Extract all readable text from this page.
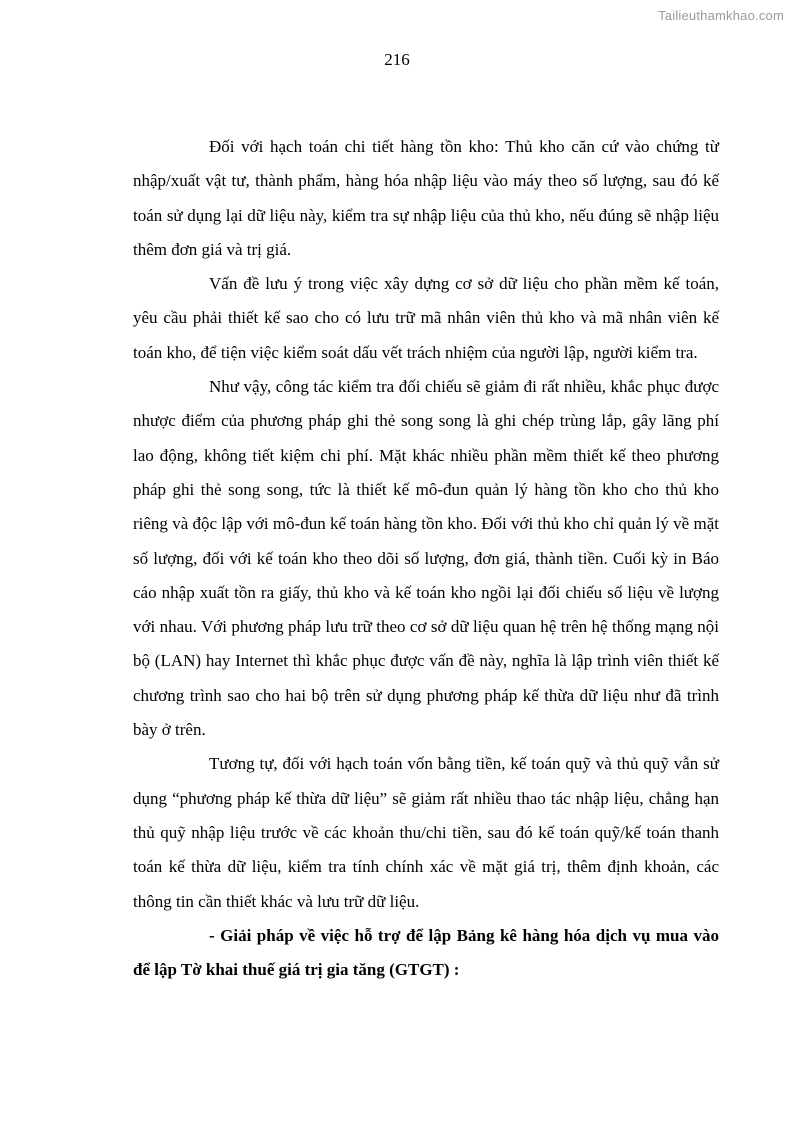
Tailieuthamkhao.com
216

Đối với hạch toán chi tiết hàng tồn kho: Thủ kho căn cứ vào chứng từ nhập/xuất vật tư, thành phẩm, hàng hóa nhập liệu vào máy theo số lượng, sau đó kế toán sử dụng lại dữ liệu này, kiểm tra sự nhập liệu của thủ kho, nếu đúng sẽ nhập liệu thêm đơn giá và trị giá.

Vấn đề lưu ý trong việc xây dựng cơ sở dữ liệu cho phần mềm kế toán, yêu cầu phải thiết kế sao cho có lưu trữ mã nhân viên thủ kho và mã nhân viên kế toán kho, để tiện việc kiểm soát dấu vết trách nhiệm của người lập, người kiểm tra.

Như vậy, công tác kiểm tra đối chiếu sẽ giảm đi rất nhiều, khắc phục được nhược điểm của phương pháp ghi thẻ song song là ghi chép trùng lắp, gây lãng phí lao động, không tiết kiệm chi phí. Mặt khác nhiều phần mềm thiết kế theo phương pháp ghi thẻ song song, tức là thiết kế mô-đun quản lý hàng tồn kho cho thủ kho riêng và độc lập với mô-đun kế toán hàng tồn kho. Đối với thủ kho chỉ quản lý về mặt số lượng, đối với kế toán kho theo dõi số lượng, đơn giá, thành tiền. Cuối kỳ in Báo cáo nhập xuất tồn ra giấy, thủ kho và kế toán kho ngồi lại đối chiếu số liệu về lượng với nhau. Với phương pháp lưu trữ theo cơ sở dữ liệu quan hệ trên hệ thống mạng nội bộ (LAN) hay Internet thì khắc phục được vấn đề này, nghĩa là lập trình viên thiết kế chương trình sao cho hai bộ trên sử dụng phương pháp kế thừa dữ liệu như đã trình bày ở trên.

Tương tự, đối với hạch toán vốn bằng tiền, kế toán quỹ và thủ quỹ vẫn sử dụng “phương pháp kế thừa dữ liệu” sẽ giảm rất nhiều thao tác nhập liệu, chẳng hạn thủ quỹ nhập liệu trước về các khoản thu/chi tiền, sau đó kế toán quỹ/kế toán thanh toán kế thừa dữ liệu, kiểm tra tính chính xác về mặt giá trị, thêm định khoản, các thông tin cần thiết khác và lưu trữ dữ liệu.

- Giải pháp về việc hỗ trợ để lập Bảng kê hàng hóa dịch vụ mua vào để lập Tờ khai thuế giá trị gia tăng (GTGT) :
